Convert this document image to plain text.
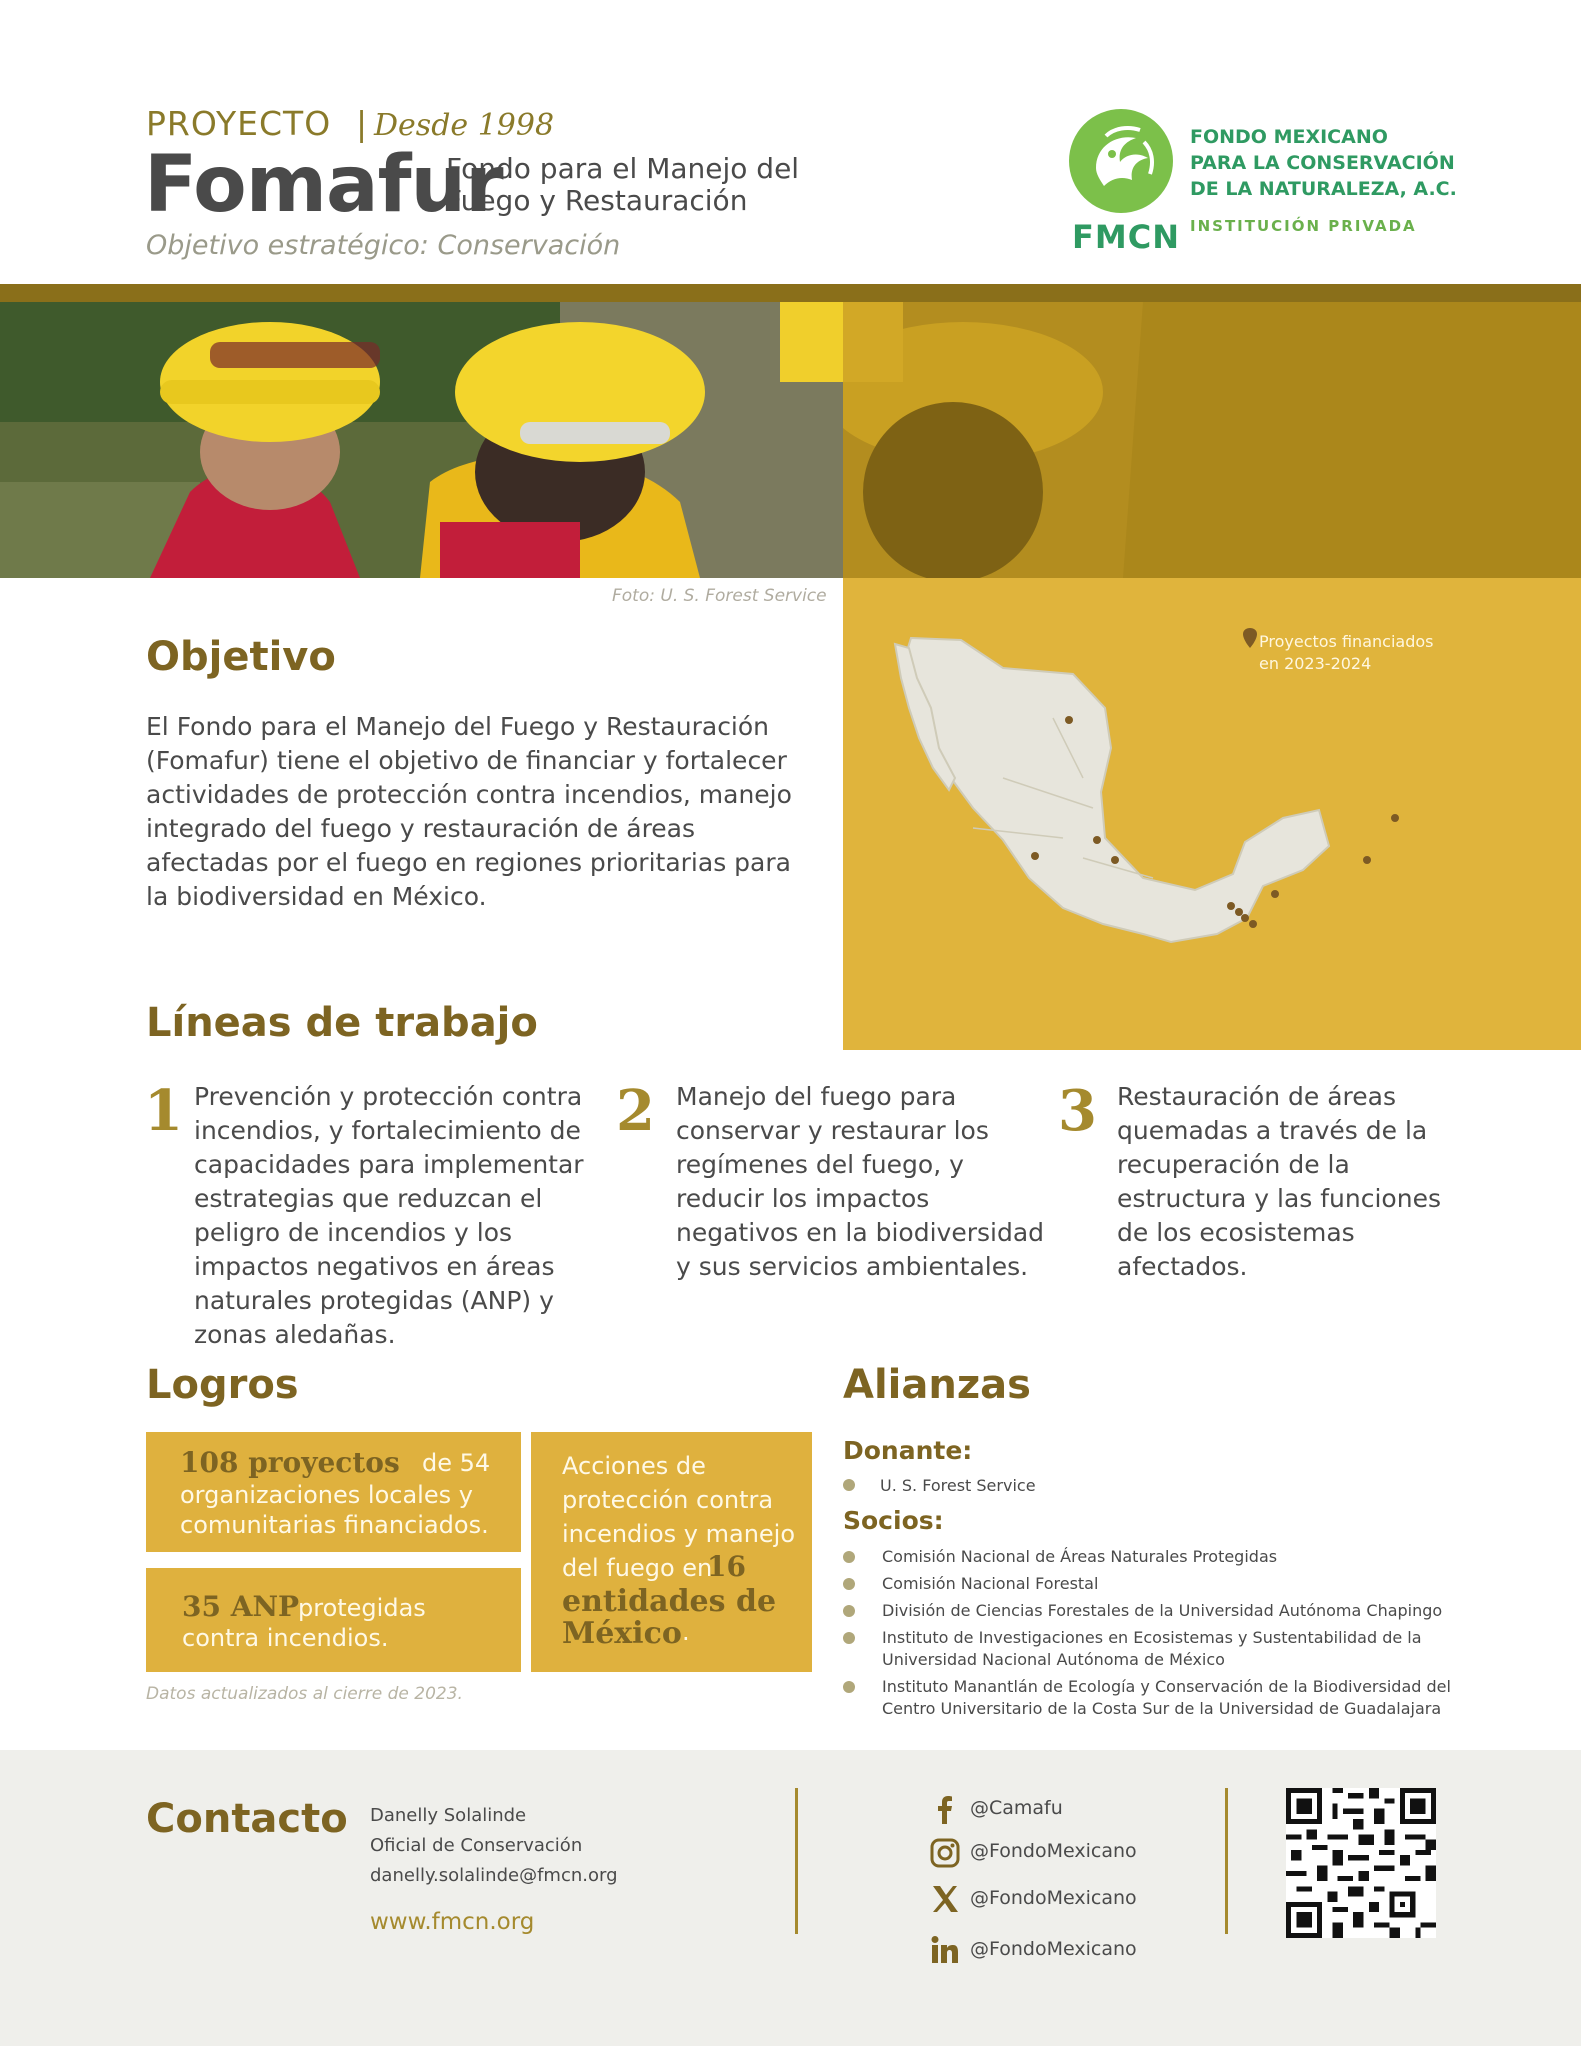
PROYECTO | Desde 1998
Fomafur
Fondo para el Manejo del
Fuego y Restauración
Objetivo estratégico: Conservación	FMCN
FONDO MEXICANO
PARA LA CONSERVACIÓN
DE LA NATURALEZA, A.C.
INSTITUCIÓN PRIVADA
Foto: U. S. Forest Service
Proyectos financiados
en 2023-2024
Objetivo
El Fondo para el Manejo del Fuego y Restauración (Fomafur) tiene el objetivo de financiar y fortalecer actividades de protección contra incendios, manejo integrado del fuego y restauración de áreas afectadas por el fuego en regiones prioritarias para la biodiversidad en México.
Líneas de trabajo
1 Prevención y protección contra incendios, y fortalecimiento de capacidades para implementar estrategias que reduzcan el peligro de incendios y los impactos negativos en áreas naturales protegidas (ANP) y zonas aledañas.
2 Manejo del fuego para conservar y restaurar los regímenes del fuego, y reducir los impactos negativos en la biodiversidad y sus servicios ambientales.
3 Restauración de áreas quemadas a través de la recuperación de la estructura y las funciones de los ecosistemas afectados.
Logros
108 proyectos de 54
organizaciones locales y
comunitarias financiados.
35 ANP
protegidas
contra incendios.
Acciones de
protección contra
incendios y manejo
del fuego en
16
entidades de
México .
Datos actualizados al cierre de 2023.
Alianzas
Donante:
U. S. Forest Service
Socios:
Comisión Nacional de Áreas Naturales Protegidas
Comisión Nacional Forestal
División de Ciencias Forestales de la Universidad Autónoma Chapingo
Instituto de Investigaciones en Ecosistemas y Sustentabilidad de la
Universidad Nacional Autónoma de México
Instituto Manantlán de Ecología y Conservación de la Biodiversidad del
Centro Universitario de la Costa Sur de la Universidad de Guadalajara
Contacto Danelly Solalinde
Oficial de Conservación
danelly.solalinde@fmcn.org
www.fmcn.org
@Camafu
@FondoMexicano
@FondoMexicano
@FondoMexicano
